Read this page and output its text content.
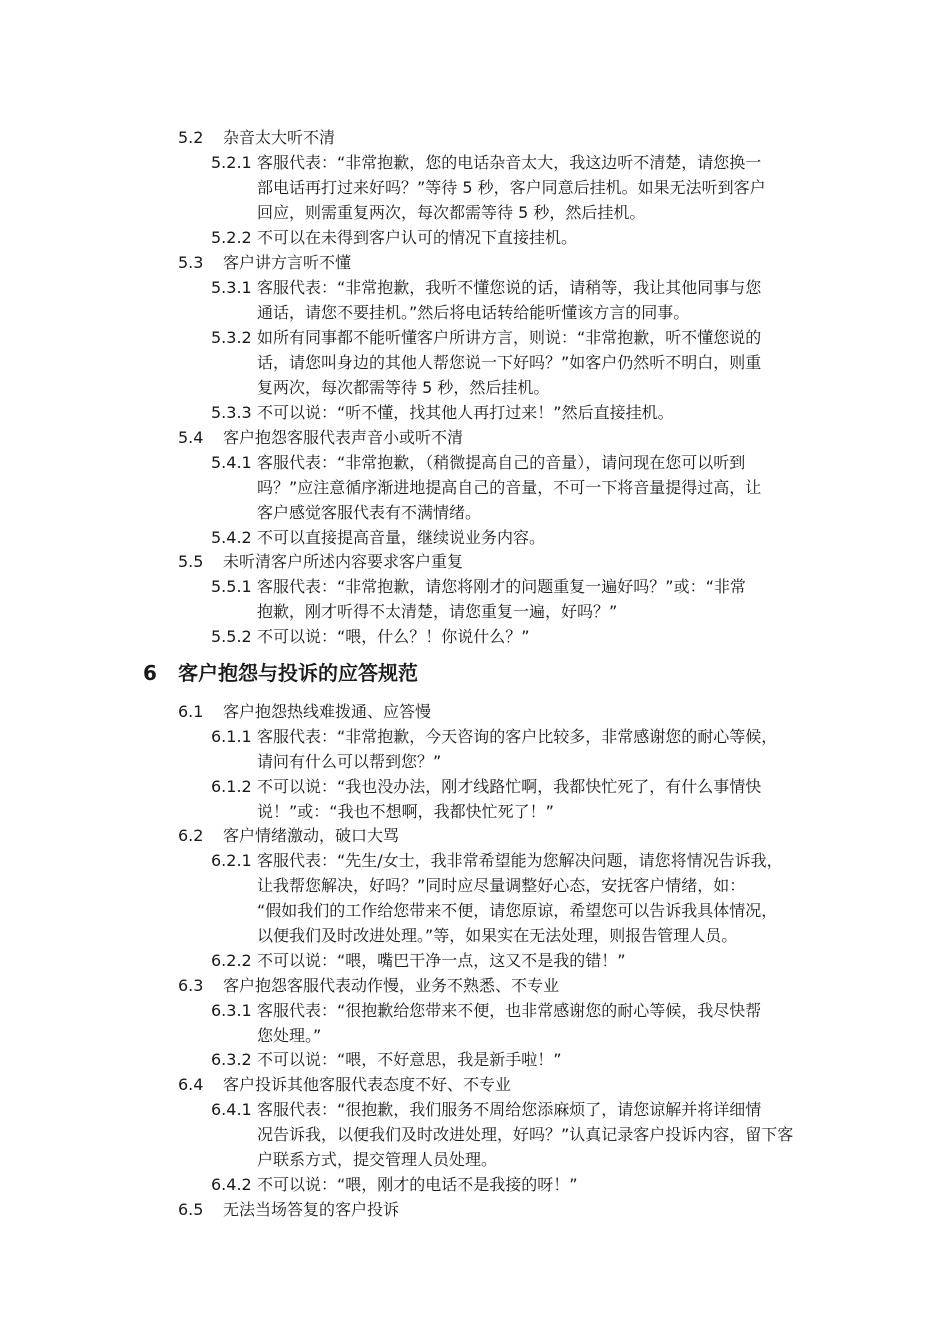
5.2 杂音太大听不清
5.2.1 客服代表：“非常抱歉，您的电话杂音太大，我这边听不清楚，请您换一
部电话再打过来好吗？”等待 5 秒，客户同意后挂机。如果无法听到客户
回应，则需重复两次，每次都需等待 5 秒，然后挂机。
5.2.2 不可以在未得到客户认可的情况下直接挂机。
5.3 客户讲方言听不懂
5.3.1 客服代表：“非常抱歉，我听不懂您说的话，请稍等，我让其他同事与您
通话，请您不要挂机。”然后将电话转给能听懂该方言的同事。
5.3.2 如所有同事都不能听懂客户所讲方言，则说：“非常抱歉，听不懂您说的
话，请您叫身边的其他人帮您说一下好吗？”如客户仍然听不明白，则重
复两次，每次都需等待 5 秒，然后挂机。
5.3.3 不可以说：“听不懂，找其他人再打过来！”然后直接挂机。
5.4 客户抱怨客服代表声音小或听不清
5.4.1 客服代表：“非常抱歉，（稍微提高自己的音量），请问现在您可以听到
吗？”应注意循序渐进地提高自己的音量，不可一下将音量提得过高，让
客户感觉客服代表有不满情绪。
5.4.2 不可以直接提高音量，继续说业务内容。
5.5 未听清客户所述内容要求客户重复
5.5.1 客服代表：“非常抱歉，请您将刚才的问题重复一遍好吗？”或：“非常
抱歉，刚才听得不太清楚，请您重复一遍，好吗？”
5.5.2 不可以说：“喂，什么？！你说什么？”
6 客户抱怨与投诉的应答规范
6.1 客户抱怨热线难拨通、应答慢
6.1.1 客服代表：“非常抱歉，今天咨询的客户比较多，非常感谢您的耐心等候，
请问有什么可以帮到您？”
6.1.2 不可以说：“我也没办法，刚才线路忙啊，我都快忙死了，有什么事情快
说！”或：“我也不想啊，我都快忙死了！”
6.2 客户情绪激动，破口大骂
6.2.1 客服代表：“先生/女士，我非常希望能为您解决问题，请您将情况告诉我，
让我帮您解决，好吗？”同时应尽量调整好心态，安抚客户情绪，如：
“假如我们的工作给您带来不便，请您原谅，希望您可以告诉我具体情况，
以便我们及时改进处理。”等，如果实在无法处理，则报告管理人员。
6.2.2 不可以说：“喂，嘴巴干净一点，这又不是我的错！”
6.3 客户抱怨客服代表动作慢，业务不熟悉、不专业
6.3.1 客服代表：“很抱歉给您带来不便，也非常感谢您的耐心等候，我尽快帮
您处理。”
6.3.2 不可以说：“喂，不好意思，我是新手啦！”
6.4 客户投诉其他客服代表态度不好、不专业
6.4.1 客服代表：“很抱歉，我们服务不周给您添麻烦了，请您谅解并将详细情
况告诉我，以便我们及时改进处理，好吗？”认真记录客户投诉内容，留下客
户联系方式，提交管理人员处理。
6.4.2 不可以说：“喂，刚才的电话不是我接的呀！”
6.5 无法当场答复的客户投诉
